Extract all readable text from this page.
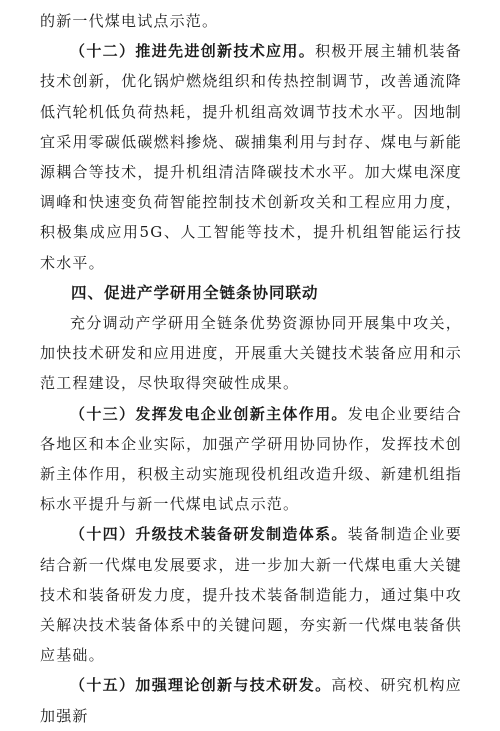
的新一代煤电试点示范。

（十二）推进先进创新技术应用。积极开展主辅机装备技术创新，优化锅炉燃烧组织和传热控制调节，改善通流降低汽轮机低负荷热耗，提升机组高效调节技术水平。因地制宜采用零碳低碳燃料掺烧、碳捕集利用与封存、煤电与新能源耦合等技术，提升机组清洁降碳技术水平。加大煤电深度调峰和快速变负荷智能控制技术创新攻关和工程应用力度，积极集成应用5G、人工智能等技术，提升机组智能运行技术水平。

四、促进产学研用全链条协同联动

充分调动产学研用全链条优势资源协同开展集中攻关，加快技术研发和应用进度，开展重大关键技术装备应用和示范工程建设，尽快取得突破性成果。

（十三）发挥发电企业创新主体作用。发电企业要结合各地区和本企业实际，加强产学研用协同协作，发挥技术创新主体作用，积极主动实施现役机组改造升级、新建机组指标水平提升与新一代煤电试点示范。

（十四）升级技术装备研发制造体系。装备制造企业要结合新一代煤电发展要求，进一步加大新一代煤电重大关键技术和装备研发力度，提升技术装备制造能力，通过集中攻关解决技术装备体系中的关键问题，夯实新一代煤电装备供应基础。

（十五）加强理论创新与技术研发。高校、研究机构应加强新
